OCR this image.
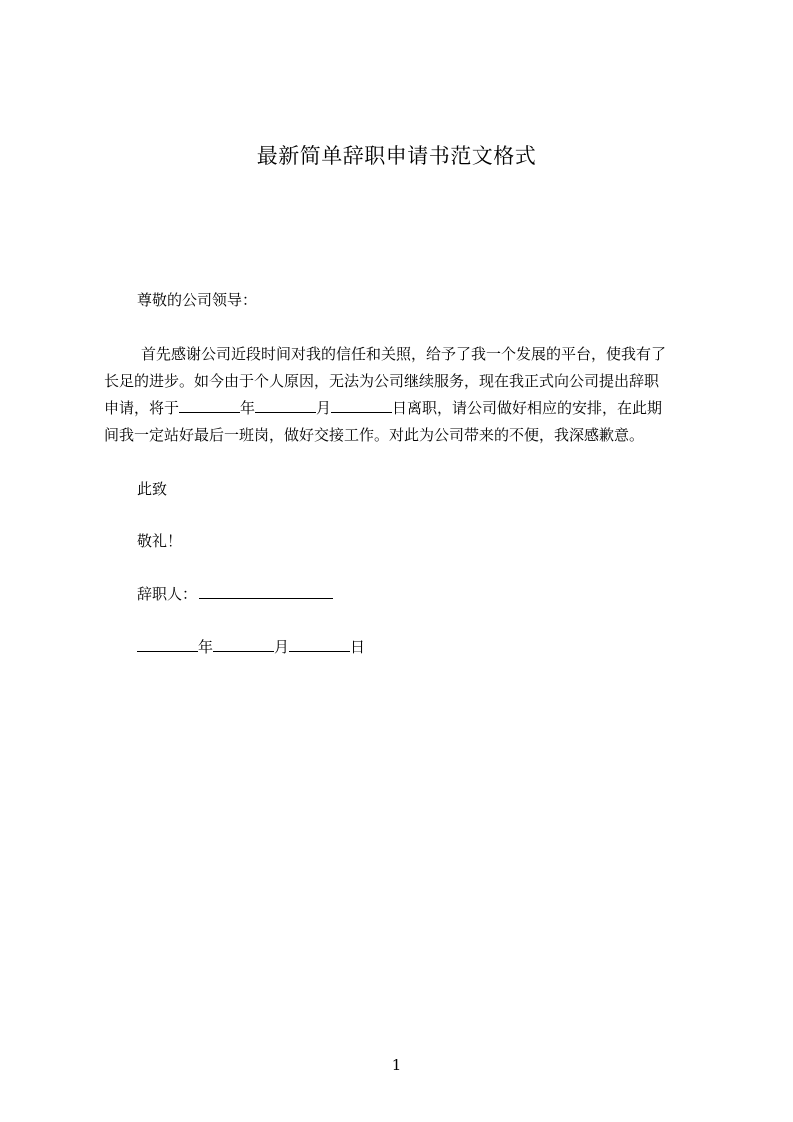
最新简单辞职申请书范文格式
尊敬的公司领导：
首先感谢公司近段时间对我的信任和关照，给予了我一个发展的平台，使我有了
长足的进步。如今由于个人原因，无法为公司继续服务，现在我正式向公司提出辞职
申请，将于	年	月	日离职，请公司做好相应的安排，在此期
间我一定站好最后一班岗，做好交接工作。对此为公司带来的不便，我深感歉意。
此致
敬礼！
辞职人：
年	月	日
1
